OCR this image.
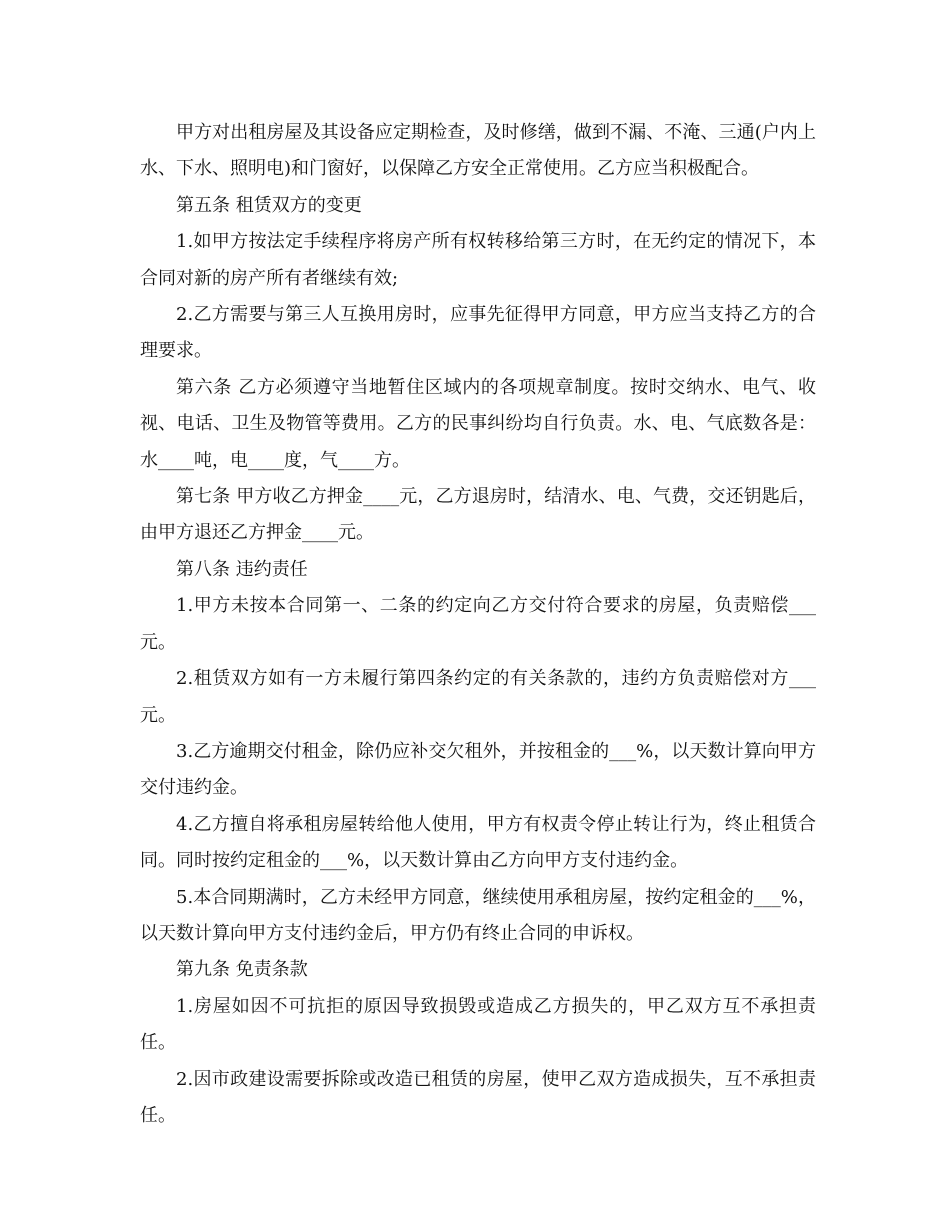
甲方对出租房屋及其设备应定期检查，及时修缮，做到不漏、不淹、三通(户内上水、下水、照明电)和门窗好，以保障乙方安全正常使用。乙方应当积极配合。

第五条 租赁双方的变更

1.如甲方按法定手续程序将房产所有权转移给第三方时，在无约定的情况下，本合同对新的房产所有者继续有效;

2.乙方需要与第三人互换用房时，应事先征得甲方同意，甲方应当支持乙方的合理要求。

第六条 乙方必须遵守当地暂住区域内的各项规章制度。按时交纳水、电气、收视、电话、卫生及物管等费用。乙方的民事纠纷均自行负责。水、电、气底数各是：水____吨，电____度，气____方。

第七条 甲方收乙方押金____元，乙方退房时，结清水、电、气费，交还钥匙后，由甲方退还乙方押金____元。

第八条 违约责任

1.甲方未按本合同第一、二条的约定向乙方交付符合要求的房屋，负责赔偿___元。

2.租赁双方如有一方未履行第四条约定的有关条款的，违约方负责赔偿对方___元。

3.乙方逾期交付租金，除仍应补交欠租外，并按租金的___%，以天数计算向甲方交付违约金。

4.乙方擅自将承租房屋转给他人使用，甲方有权责令停止转让行为，终止租赁合同。同时按约定租金的___%，以天数计算由乙方向甲方支付违约金。

5.本合同期满时，乙方未经甲方同意，继续使用承租房屋，按约定租金的___%，以天数计算向甲方支付违约金后，甲方仍有终止合同的申诉权。

第九条 免责条款

1.房屋如因不可抗拒的原因导致损毁或造成乙方损失的，甲乙双方互不承担责任。

2.因市政建设需要拆除或改造已租赁的房屋，使甲乙双方造成损失，互不承担责任。
